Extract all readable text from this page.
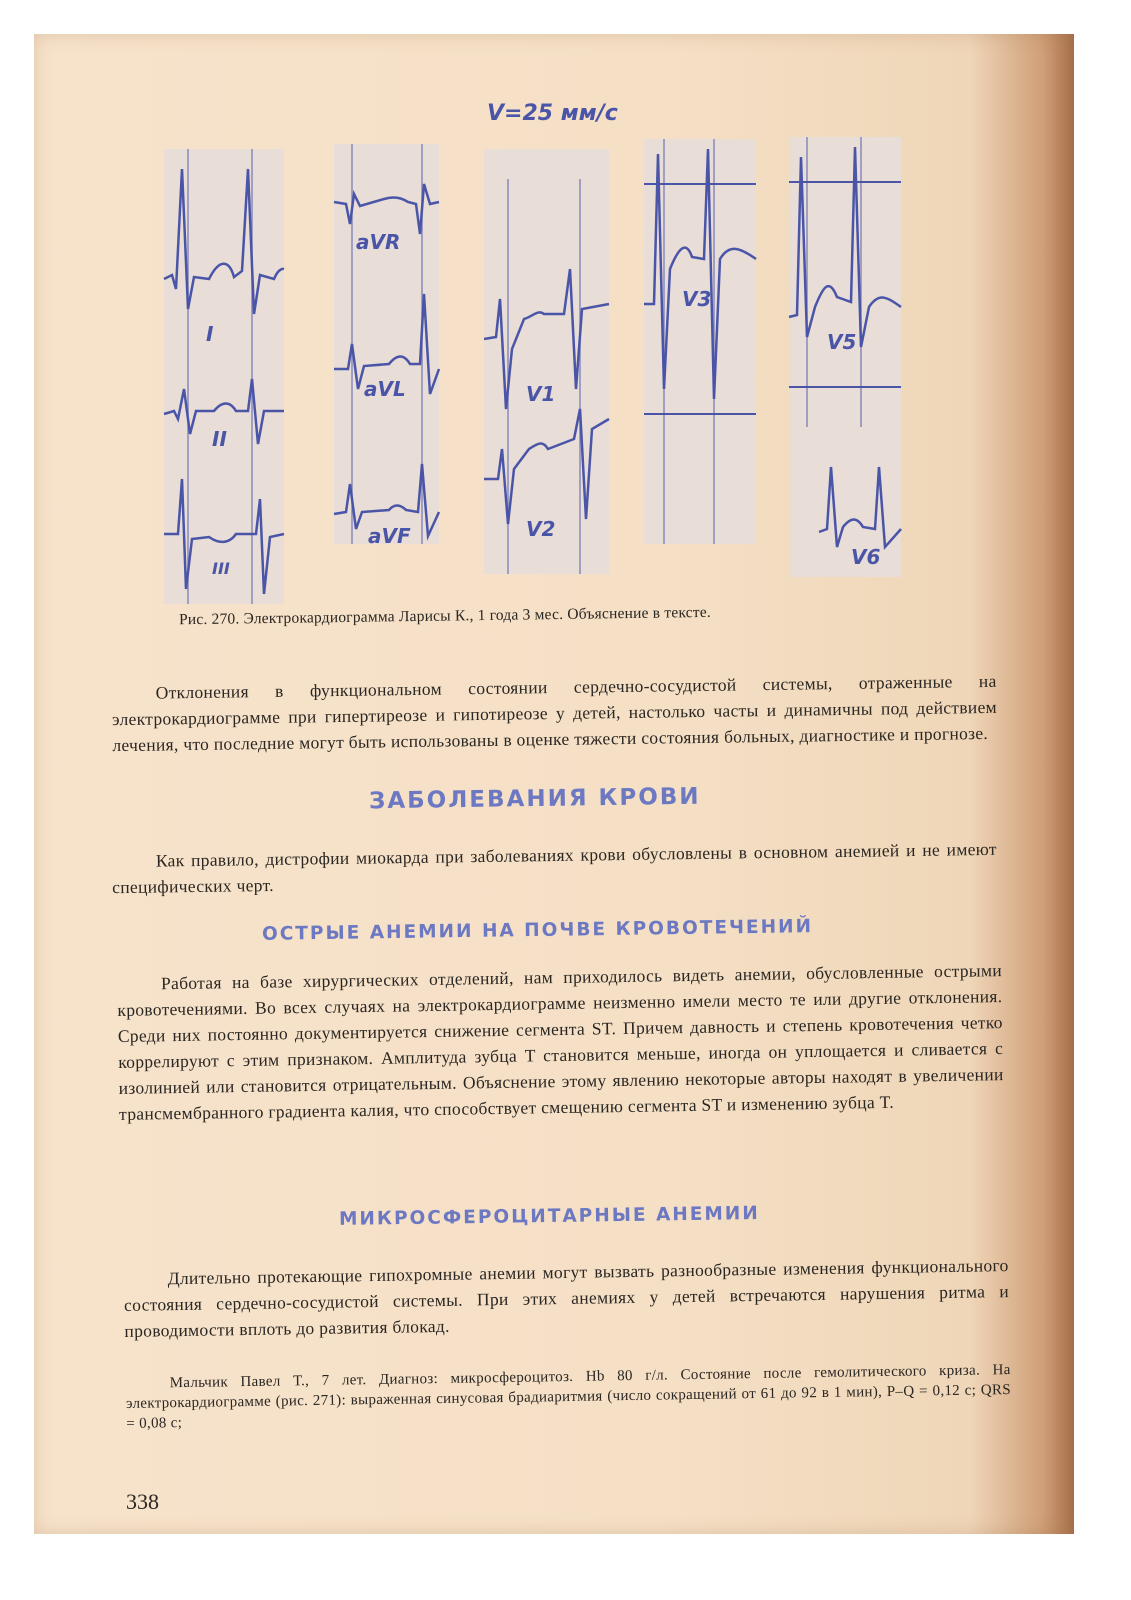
I
II
III
aVR
aVL
aVF
V1
V2
V=25 мм/с
V3
V5
V6
Рис. 270. Электрокардиограмма Ларисы К., 1 года 3 мес. Объяснение в тексте.
Отклонения в функциональном состоянии сердечно-сосудистой системы, отраженные на электрокардиограмме при гипертиреозе и гипотиреозе у детей, настолько часты и динамичны под действием лечения, что последние могут быть использованы в оценке тяжести состояния больных, диагностике и прогнозе.
ЗАБОЛЕВАНИЯ КРОВИ
Как правило, дистрофии миокарда при заболеваниях крови обусловлены в основном анемией и не имеют специфических черт.
ОСТРЫЕ АНЕМИИ НА ПОЧВЕ КРОВОТЕЧЕНИЙ
Работая на базе хирургических отделений, нам приходилось видеть анемии, обусловленные острыми кровотечениями. Во всех случаях на электрокардиограмме неизменно имели место те или другие отклонения. Среди них постоянно документируется снижение сегмента ST. Причем давность и степень кровотечения четко коррелируют с этим признаком. Амплитуда зубца T становится меньше, иногда он уплощается и сливается с изолинией или становится отрицательным. Объяснение этому явлению некоторые авторы находят в увеличении трансмембранного градиента калия, что способствует смещению сегмента ST и изменению зубца T.
МИКРОСФЕРОЦИТАРНЫЕ АНЕМИИ
Длительно протекающие гипохромные анемии могут вызвать разнообразные изменения функционального состояния сердечно-сосудистой системы. При этих анемиях у детей встречаются нарушения ритма и проводимости вплоть до развития блокад.
Мальчик Павел Т., 7 лет. Диагноз: микросфероцитоз. Hb 80 г/л. Состояние после гемолитического криза. На электрокардиограмме (рис. 271): выраженная синусовая брадиаритмия (число сокращений от 61 до 92 в 1 мин), P–Q = 0,12 с; QRS = 0,08 с;
338
